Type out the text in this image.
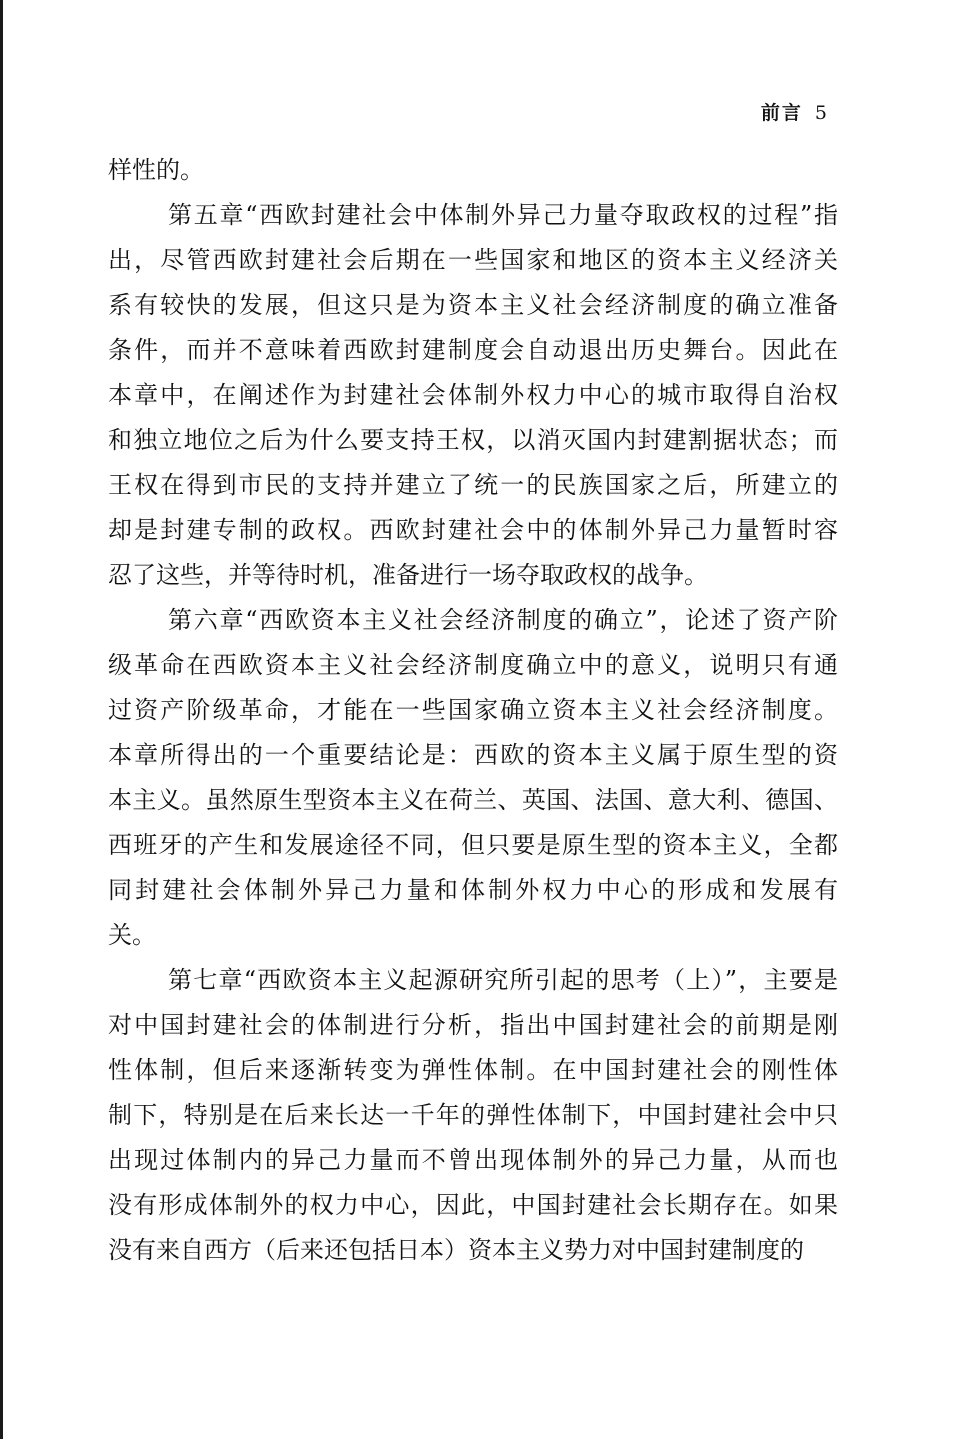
前言 5
样性的。
第五章“西欧封建社会中体制外异己力量夺取政权的过程”指
出，尽管西欧封建社会后期在一些国家和地区的资本主义经济关
系有较快的发展，但这只是为资本主义社会经济制度的确立准备
条件，而并不意味着西欧封建制度会自动退出历史舞台。因此在
本章中，在阐述作为封建社会体制外权力中心的城市取得自治权
和独立地位之后为什么要支持王权，以消灭国内封建割据状态；而
王权在得到市民的支持并建立了统一的民族国家之后，所建立的
却是封建专制的政权。西欧封建社会中的体制外异己力量暂时容
忍了这些，并等待时机，准备进行一场夺取政权的战争。
第六章“西欧资本主义社会经济制度的确立”，论述了资产阶
级革命在西欧资本主义社会经济制度确立中的意义，说明只有通
过资产阶级革命，才能在一些国家确立资本主义社会经济制度。
本章所得出的一个重要结论是：西欧的资本主义属于原生型的资
本主义。虽然原生型资本主义在荷兰、英国、法国、意大利、德国、
西班牙的产生和发展途径不同，但只要是原生型的资本主义，全都
同封建社会体制外异己力量和体制外权力中心的形成和发展有
关。
第七章“西欧资本主义起源研究所引起的思考（上）”，主要是
对中国封建社会的体制进行分析，指出中国封建社会的前期是刚
性体制，但后来逐渐转变为弹性体制。在中国封建社会的刚性体
制下，特别是在后来长达一千年的弹性体制下，中国封建社会中只
出现过体制内的异己力量而不曾出现体制外的异己力量，从而也
没有形成体制外的权力中心，因此，中国封建社会长期存在。如果
没有来自西方（后来还包括日本）资本主义势力对中国封建制度的
